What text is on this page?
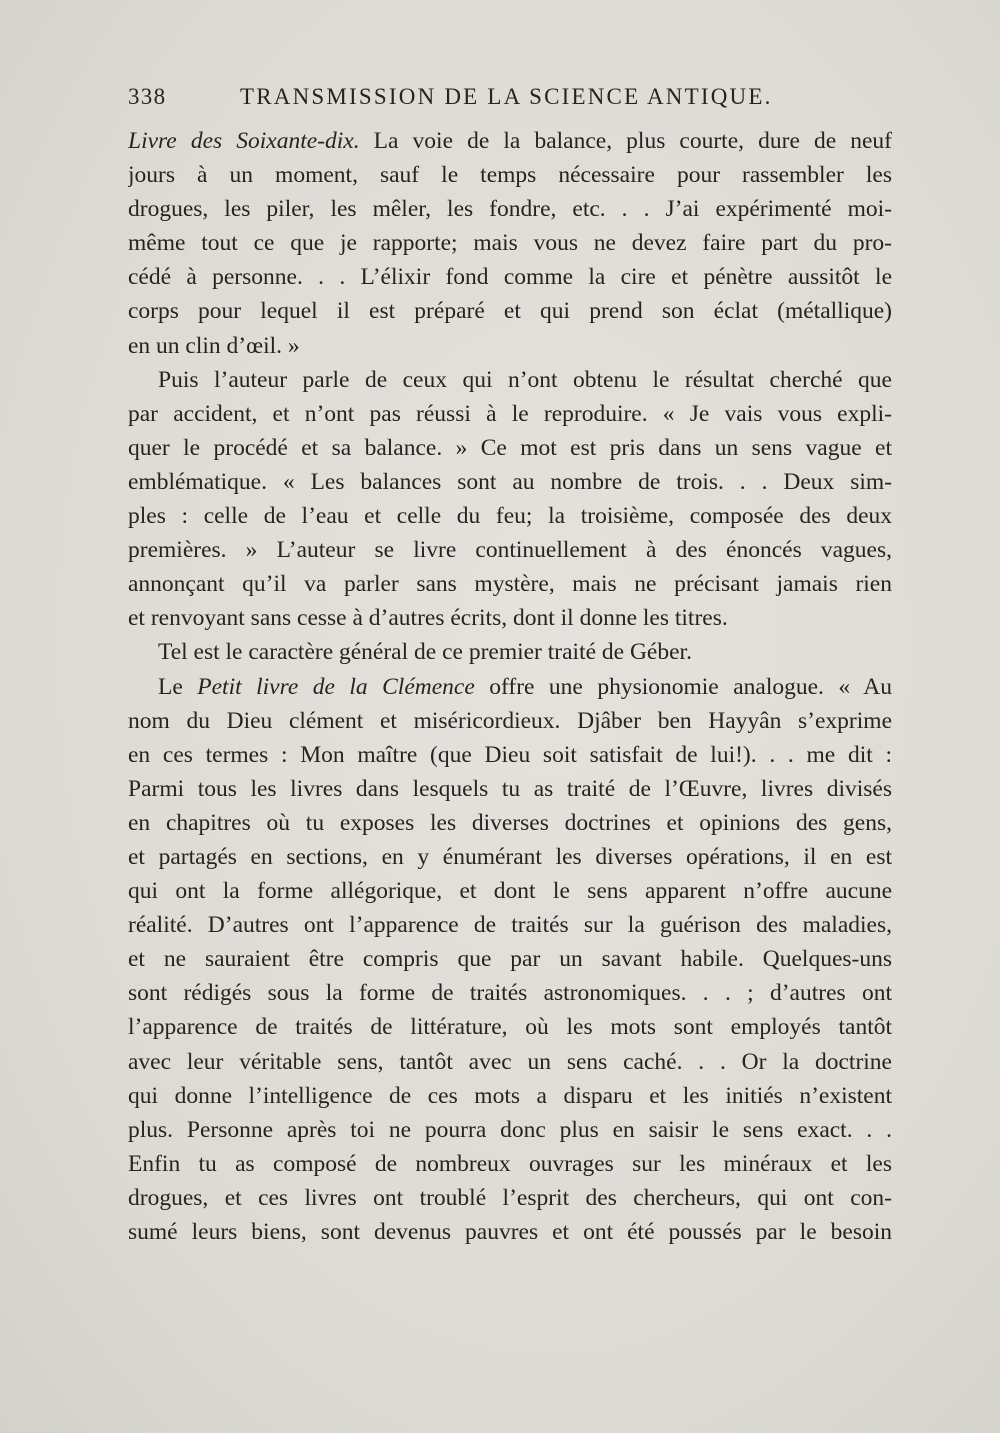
338	TRANSMISSION DE LA SCIENCE ANTIQUE.
Livre des Soixante-dix. La voie de la balance, plus courte, dure de neuf
jours à un moment, sauf le temps nécessaire pour rassembler les
drogues, les piler, les mêler, les fondre, etc. . . J’ai expérimenté moi-
même tout ce que je rapporte; mais vous ne devez faire part du pro-
cédé à personne. . . L’élixir fond comme la cire et pénètre aussitôt le
corps pour lequel il est préparé et qui prend son éclat (métallique)
en un clin d’œil. »
Puis l’auteur parle de ceux qui n’ont obtenu le résultat cherché que
par accident, et n’ont pas réussi à le reproduire. « Je vais vous expli-
quer le procédé et sa balance. » Ce mot est pris dans un sens vague et
emblématique. « Les balances sont au nombre de trois. . . Deux sim-
ples : celle de l’eau et celle du feu; la troisième, composée des deux
premières. » L’auteur se livre continuellement à des énoncés vagues,
annonçant qu’il va parler sans mystère, mais ne précisant jamais rien
et renvoyant sans cesse à d’autres écrits, dont il donne les titres.
Tel est le caractère général de ce premier traité de Géber.
Le Petit livre de la Clémence offre une physionomie analogue. « Au
nom du Dieu clément et miséricordieux. Djâber ben Hayyân s’exprime
en ces termes : Mon maître (que Dieu soit satisfait de lui!). . . me dit :
Parmi tous les livres dans lesquels tu as traité de l’Œuvre, livres divisés
en chapitres où tu exposes les diverses doctrines et opinions des gens,
et partagés en sections, en y énumérant les diverses opérations, il en est
qui ont la forme allégorique, et dont le sens apparent n’offre aucune
réalité. D’autres ont l’apparence de traités sur la guérison des maladies,
et ne sauraient être compris que par un savant habile. Quelques-uns
sont rédigés sous la forme de traités astronomiques. . . ; d’autres ont
l’apparence de traités de littérature, où les mots sont employés tantôt
avec leur véritable sens, tantôt avec un sens caché. . . Or la doctrine
qui donne l’intelligence de ces mots a disparu et les initiés n’existent
plus. Personne après toi ne pourra donc plus en saisir le sens exact. . .
Enfin tu as composé de nombreux ouvrages sur les minéraux et les
drogues, et ces livres ont troublé l’esprit des chercheurs, qui ont con-
sumé leurs biens, sont devenus pauvres et ont été poussés par le besoin
